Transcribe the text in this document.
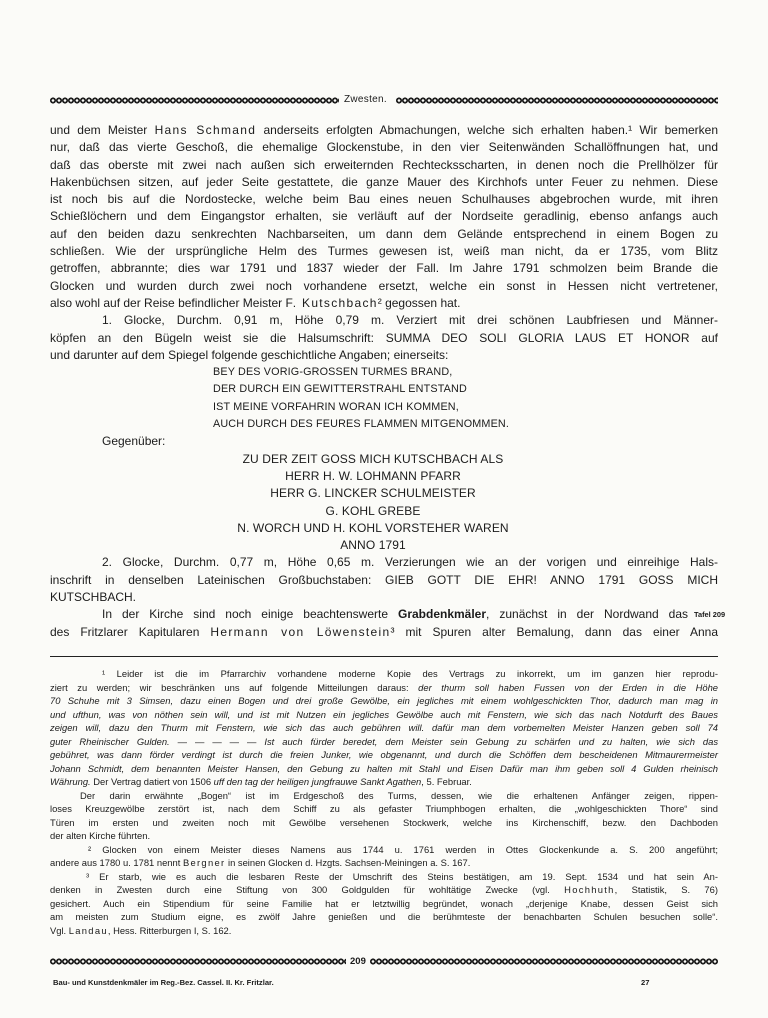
Zwesten.
und dem Meister Hans Schmand anderseits erfolgten Abmachungen, welche sich erhalten haben.¹ Wir bemerken
nur, daß das vierte Geschoß, die ehemalige Glockenstube, in den vier Seitenwänden Schallöffnungen hat, und
daß das oberste mit zwei nach außen sich erweiternden Rechtecksscharten, in denen noch die Prellhölzer für
Hakenbüchsen sitzen, auf jeder Seite gestattete, die ganze Mauer des Kirchhofs unter Feuer zu nehmen. Diese
ist noch bis auf die Nordostecke, welche beim Bau eines neuen Schulhauses abgebrochen wurde, mit ihren
Schießlöchern und dem Eingangstor erhalten, sie verläuft auf der Nordseite geradlinig, ebenso anfangs auch
auf den beiden dazu senkrechten Nachbarseiten, um dann dem Gelände entsprechend in einem Bogen zu
schließen. Wie der ursprüngliche Helm des Turmes gewesen ist, weiß man nicht, da er 1735, vom Blitz
getroffen, abbrannte; dies war 1791 und 1837 wieder der Fall. Im Jahre 1791 schmolzen beim Brande die
Glocken und wurden durch zwei noch vorhandene ersetzt, welche ein sonst in Hessen nicht vertretener,
also wohl auf der Reise befindlicher Meister F. Kutschbach² gegossen hat.
1. Glocke, Durchm. 0,91 m, Höhe 0,79 m. Verziert mit drei schönen Laubfriesen und Männer-
köpfen an den Bügeln weist sie die Halsumschrift: SUMMA DEO SOLI GLORIA LAUS ET HONOR auf
und darunter auf dem Spiegel folgende geschichtliche Angaben; einerseits:
BEY DES VORIG-GROSSEN TURMES BRAND,
DER DURCH EIN GEWITTERSTRAHL ENTSTAND
IST MEINE VORFAHRIN WORAN ICH KOMMEN,
AUCH DURCH DES FEURES FLAMMEN MITGENOMMEN.
Gegenüber:
ZU DER ZEIT GOSS MICH KUTSCHBACH ALS
HERR H. W. LOHMANN PFARR
HERR G. LINCKER SCHULMEISTER
G. KOHL GREBE
N. WORCH UND H. KOHL VORSTEHER WAREN
ANNO 1791
2. Glocke, Durchm. 0,77 m, Höhe 0,65 m. Verzierungen wie an der vorigen und einreihige Hals-
inschrift in denselben Lateinischen Großbuchstaben: GIEB GOTT DIE EHR! ANNO 1791 GOSS MICH
KUTSCHBACH.
In der Kirche sind noch einige beachtenswerte Grabdenkmäler, zunächst in der Nordwand das
des Fritzlarer Kapitularen Hermann von Löwenstein³ mit Spuren alter Bemalung, dann das einer Anna
Tafel 209
¹ Leider ist die im Pfarrarchiv vorhandene moderne Kopie des Vertrags zu inkorrekt, um im ganzen hier reprodu-
ziert zu werden; wir beschränken uns auf folgende Mitteilungen daraus: der thurm soll haben Fussen von der Erden in die Höhe
70 Schuhe mit 3 Simsen, dazu einen Bogen und drei große Gewölbe, ein jegliches mit einem wohlgeschickten Thor, dadurch man mag in
und ufthun, was von nöthen sein will, und ist mit Nutzen ein jegliches Gewölbe auch mit Fenstern, wie sich das nach Notdurft des Baues
zeigen will, dazu den Thurm mit Fenstern, wie sich das auch gebühren will. dafür man dem vorbemelten Meister Hanzen geben soll 74
guter Rheinischer Gulden. — — — — — Ist auch fürder beredet, dem Meister sein Gebung zu schärfen und zu halten, wie sich das
gebühret, was dann förder verdingt ist durch die freien Junker, wie obgenannt, und durch die Schöffen dem bescheidenen Mitmaurermeister
Johann Schmidt, dem benannten Meister Hansen, den Gebung zu halten mit Stahl und Eisen Dafür man ihm geben soll 4 Gulden rheinisch
Währung. Der Vertrag datiert von 1506 uff den tag der heiligen jungfrauwe Sankt Agathen, 5. Februar.
Der darin erwähnte „Bogen“ ist im Erdgeschoß des Turms, dessen, wie die erhaltenen Anfänger zeigen, rippen-
loses Kreuzgewölbe zerstört ist, nach dem Schiff zu als gefaster Triumphbogen erhalten, die „wohlgeschickten Thore“ sind
Türen im ersten und zweiten noch mit Gewölbe versehenen Stockwerk, welche ins Kirchenschiff, bezw. den Dachboden
der alten Kirche führten.
² Glocken von einem Meister dieses Namens aus 1744 u. 1761 werden in Ottes Glockenkunde a. S. 200 angeführt;
andere aus 1780 u. 1781 nennt Bergner in seinen Glocken d. Hzgts. Sachsen-Meiningen a. S. 167.
³ Er starb, wie es auch die lesbaren Reste der Umschrift des Steins bestätigen, am 19. Sept. 1534 und hat sein An-
denken in Zwesten durch eine Stiftung von 300 Goldgulden für wohltätige Zwecke (vgl. Hochhuth, Statistik, S. 76)
gesichert. Auch ein Stipendium für seine Familie hat er letztwillig begründet, wonach „derjenige Knabe, dessen Geist sich
am meisten zum Studium eigne, es zwölf Jahre genießen und die berühmteste der benachbarten Schulen besuchen solle“.
Vgl. Landau, Hess. Ritterburgen I, S. 162.
209
Bau- und Kunstdenkmäler im Reg.-Bez. Cassel. II. Kr. Fritzlar.	27
